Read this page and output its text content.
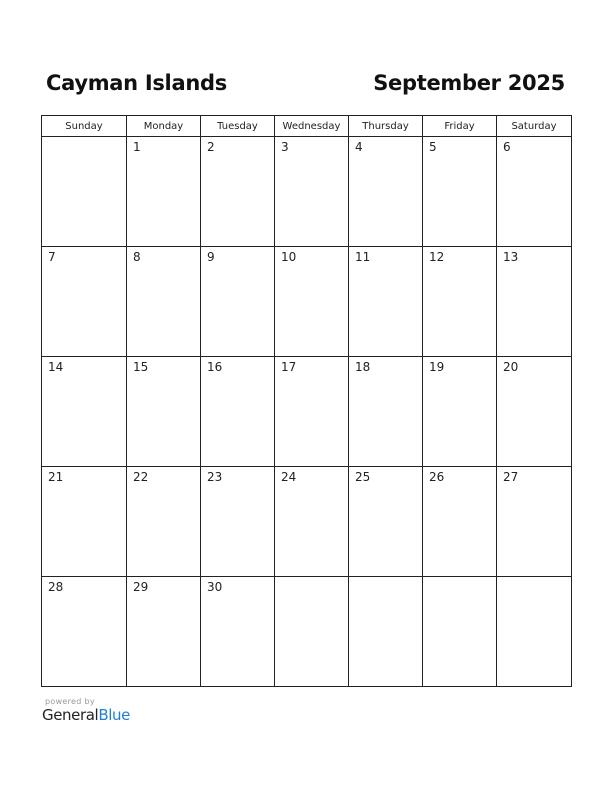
Cayman Islands	September 2025
Sunday	Monday	Tuesday	Wednesday	Thursday	Friday	Saturday

	1	2	3	4	5	6

7	8	9	10	11	12	13

14	15	16	17	18	19	20

21	22	23	24	25	26	27

28	29	30				

powered by
GeneralBlue
